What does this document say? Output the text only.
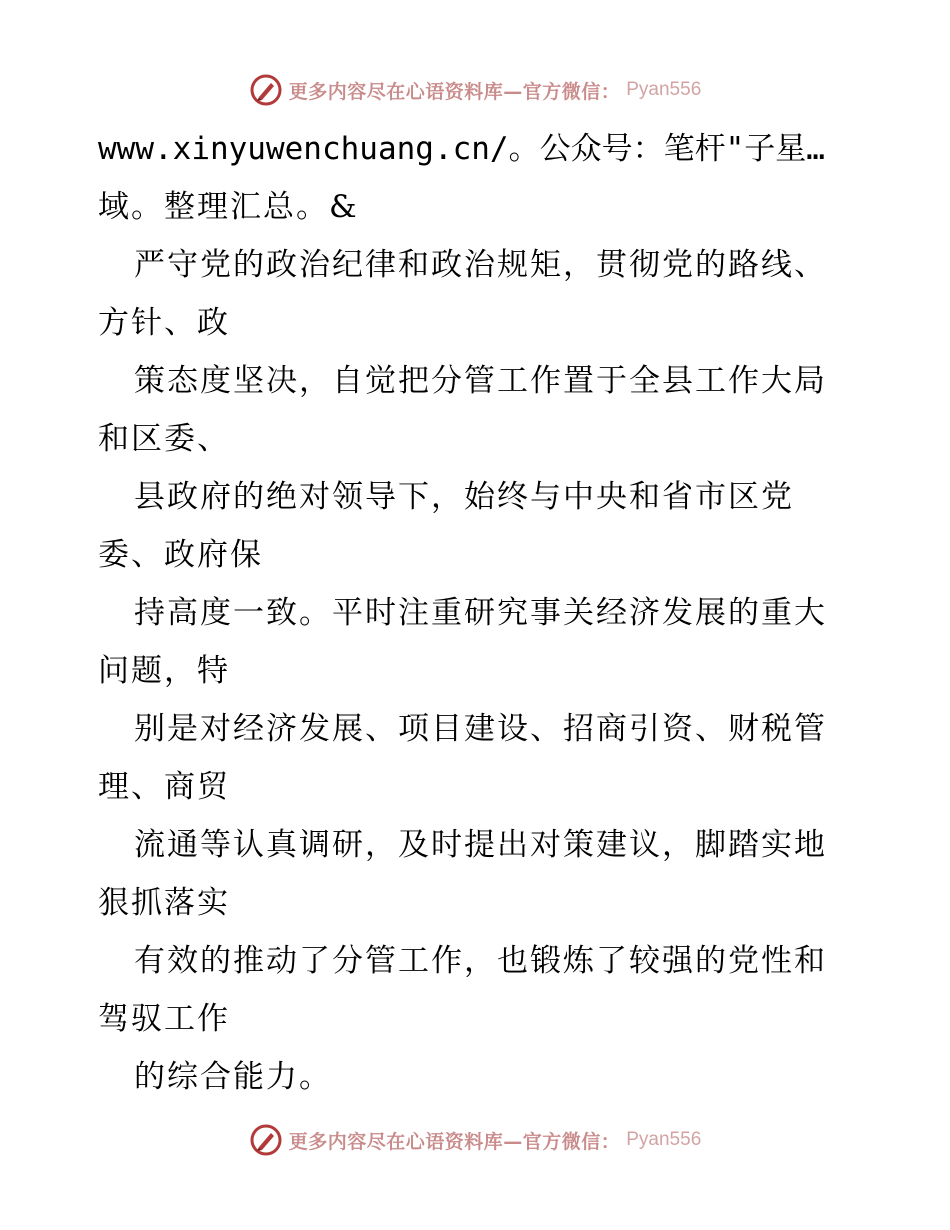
更多内容尽在心语资料库—官方微信： Pyan556
www.xinyuwenchuang.cn/。公众号：笔杆"子星…
域。整理汇总。&
严守党的政治纪律和政治规矩，贯彻党的路线、
方针、政
策态度坚决，自觉把分管工作置于全县工作大局
和区委、
县政府的绝对领导下，始终与中央和省市区党
委、政府保
持高度一致。平时注重研究事关经济发展的重大
问题，特
别是对经济发展、项目建设、招商引资、财税管
理、商贸
流通等认真调研，及时提出对策建议，脚踏实地
狠抓落实
有效的推动了分管工作，也锻炼了较强的党性和
驾驭工作
的综合能力。
更多内容尽在心语资料库—官方微信： Pyan556
